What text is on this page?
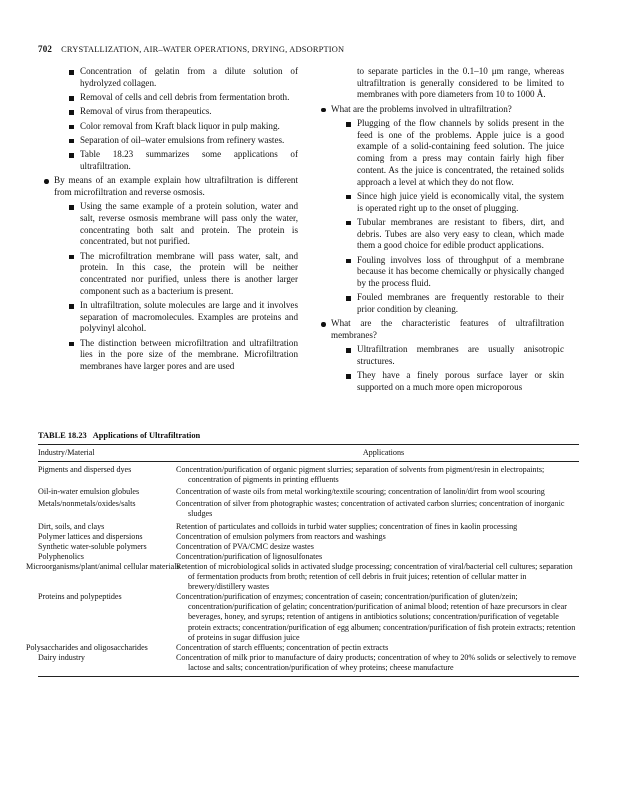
702 CRYSTALLIZATION, AIR–WATER OPERATIONS, DRYING, ADSORPTION
Concentration of gelatin from a dilute solution of hydrolyzed collagen.
Removal of cells and cell debris from fermentation broth.
Removal of virus from therapeutics.
Color removal from Kraft black liquor in pulp making.
Separation of oil–water emulsions from refinery wastes.
Table 18.23 summarizes some applications of ultrafiltration.
By means of an example explain how ultrafiltration is different from microfiltration and reverse osmosis.
Using the same example of a protein solution, water and salt, reverse osmosis membrane will pass only the water, concentrating both salt and protein. The protein is concentrated, but not purified.
The microfiltration membrane will pass water, salt, and protein. In this case, the protein will be neither concentrated nor purified, unless there is another larger component such as a bacterium is present.
In ultrafiltration, solute molecules are large and it involves separation of macromolecules. Examples are proteins and polyvinyl alcohol.
The distinction between microfiltration and ultrafiltration lies in the pore size of the membrane. Microfiltration membranes have larger pores and are used
to separate particles in the 0.1–10 μm range, whereas ultrafiltration is generally considered to be limited to membranes with pore diameters from 10 to 1000 Å.
What are the problems involved in ultrafiltration?
Plugging of the flow channels by solids present in the feed is one of the problems. Apple juice is a good example of a solid-containing feed solution. The juice coming from a press may contain fairly high fiber content. As the juice is concentrated, the retained solids approach a level at which they do not flow.
Since high juice yield is economically vital, the system is operated right up to the onset of plugging.
Tubular membranes are resistant to fibers, dirt, and debris. Tubes are also very easy to clean, which made them a good choice for edible product applications.
Fouling involves loss of throughput of a membrane because it has become chemically or physically changed by the process fluid.
Fouled membranes are frequently restorable to their prior condition by cleaning.
What are the characteristic features of ultrafiltration membranes?
Ultrafiltration membranes are usually anisotropic structures.
They have a finely porous surface layer or skin supported on a much more open microporous
TABLE 18.23 Applications of Ultrafiltration
Industry/Material	Applications
Pigments and dispersed dyes	Concentration/purification of organic pigment slurries; separation of solvents from pigment/resin in electropaints; concentration of pigments in printing effluents
Oil-in-water emulsion globules	Concentration of waste oils from metal working/textile scouring; concentration of lanolin/dirt from wool scouring
Metals/nonmetals/oxides/salts	Concentration of silver from photographic wastes; concentration of activated carbon slurries; concentration of inorganic sludges
Dirt, soils, and clays	Retention of particulates and colloids in turbid water supplies; concentration of fines in kaolin processing
Polymer lattices and dispersions	Concentration of emulsion polymers from reactors and washings
Synthetic water-soluble polymers	Concentration of PVA/CMC desize wastes
Polyphenolics	Concentration/purification of lignosulfonates
Microorganisms/plant/animal cellular materials	Retention of microbiological solids in activated sludge processing; concentration of viral/bacterial cell cultures; separation of fermentation products from broth; retention of cell debris in fruit juices; retention of cellular matter in brewery/distillery wastes
Proteins and polypeptides	Concentration/purification of enzymes; concentration of casein; concentration/purification of gluten/zein; concentration/purification of gelatin; concentration/purification of animal blood; retention of haze precursors in clear beverages, honey, and syrups; retention of antigens in antibiotics solutions; concentration/purification of vegetable protein extracts; concentration/purification of egg albumen; concentration/purification of fish protein extracts; retention of proteins in sugar diffusion juice
Polysaccharides and oligosaccharides	Concentration of starch effluents; concentration of pectin extracts
Dairy industry	Concentration of milk prior to manufacture of dairy products; concentration of whey to 20% solids or selectively to remove lactose and salts; concentration/purification of whey proteins; cheese manufacture
